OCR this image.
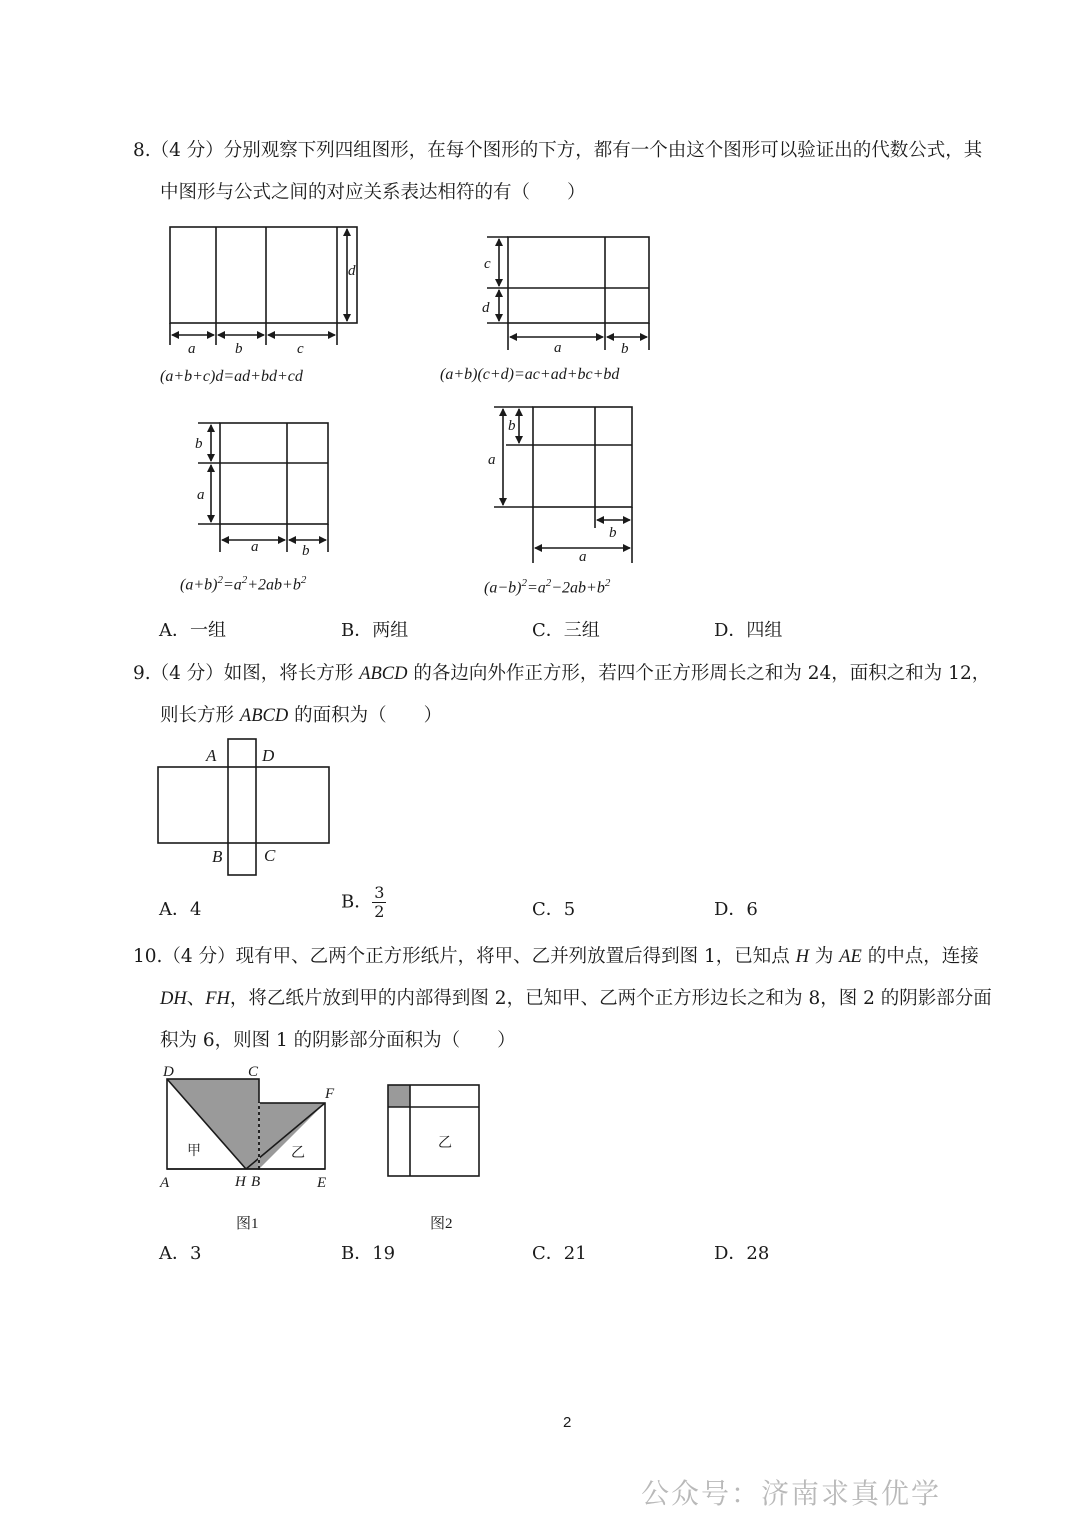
8.（4 分）分别观察下列四组图形，在每个图形的下方，都有一个由这个图形可以验证出的代数公式，其
中图形与公式之间的对应关系表达相符的有（　　）
d
a	b	c
c
d
a	b
b
a
a	b
b
a
b
a
(a+b+c)d=ad+bd+cd	(a+b)(c+d)=ac+ad+bc+bd
$(a+b)^2=a^2+2ab+b^2$	$(a-b)^2=a^2-2ab+b^2$
A．一组	B．两组	C．三组	D．四组
9.（4 分）如图，将长方形 ABCD 的各边向外作正方形，若四个正方形周长之和为 24，面积之和为 12，
则长方形 ABCD 的面积为（　　）
A	D
B C
A．4	B． $\frac{3}{2}$	C．5	D．6
10.（4 分）现有甲、乙两个正方形纸片，将甲、乙并列放置后得到图 1，已知点 H 为 AE 的中点，连接
DH、FH，将乙纸片放到甲的内部得到图 2，已知甲、乙两个正方形边长之和为 8，图 2 的阴影部分面
积为 6，则图 1 的阴影部分面积为（　　）
D	C
F
A	H B	E
甲	乙
乙
图1	图2
A．3	B．19	C．21	D．28
2
公众号：济南求真优学
